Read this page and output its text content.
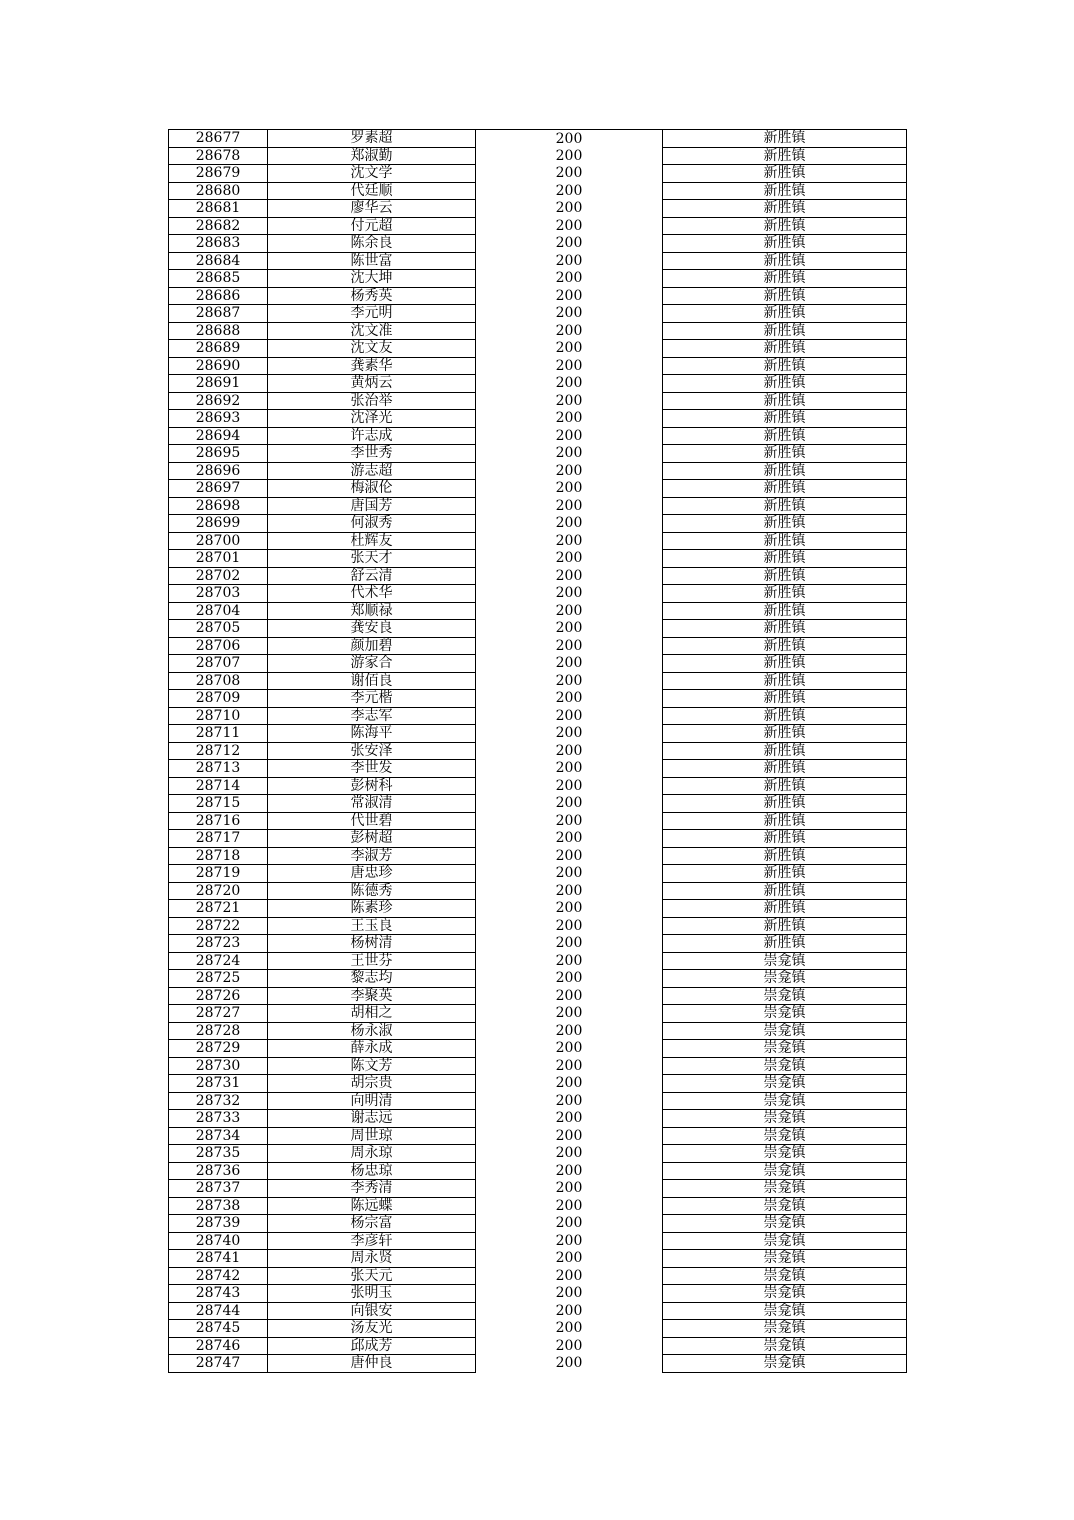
28677	罗素超	200	新胜镇
28678	郑淑勤	200	新胜镇
28679	沈文学	200	新胜镇
28680	代廷顺	200	新胜镇
28681	廖华云	200	新胜镇
28682	付元超	200	新胜镇
28683	陈余良	200	新胜镇
28684	陈世富	200	新胜镇
28685	沈大坤	200	新胜镇
28686	杨秀英	200	新胜镇
28687	李元明	200	新胜镇
28688	沈文准	200	新胜镇
28689	沈文友	200	新胜镇
28690	龚素华	200	新胜镇
28691	黄炳云	200	新胜镇
28692	张治举	200	新胜镇
28693	沈泽光	200	新胜镇
28694	许志成	200	新胜镇
28695	李世秀	200	新胜镇
28696	游志超	200	新胜镇
28697	梅淑伦	200	新胜镇
28698	唐国芳	200	新胜镇
28699	何淑秀	200	新胜镇
28700	杜辉友	200	新胜镇
28701	张天才	200	新胜镇
28702	舒云清	200	新胜镇
28703	代术华	200	新胜镇
28704	郑顺禄	200	新胜镇
28705	龚安良	200	新胜镇
28706	颜加碧	200	新胜镇
28707	游家合	200	新胜镇
28708	谢佰良	200	新胜镇
28709	李元楷	200	新胜镇
28710	李志军	200	新胜镇
28711	陈海平	200	新胜镇
28712	张安泽	200	新胜镇
28713	李世发	200	新胜镇
28714	彭树科	200	新胜镇
28715	常淑清	200	新胜镇
28716	代世碧	200	新胜镇
28717	彭树超	200	新胜镇
28718	李淑芳	200	新胜镇
28719	唐忠珍	200	新胜镇
28720	陈德秀	200	新胜镇
28721	陈素珍	200	新胜镇
28722	王玉良	200	新胜镇
28723	杨树清	200	新胜镇
28724	王世芬	200	崇龛镇
28725	黎志均	200	崇龛镇
28726	李聚英	200	崇龛镇
28727	胡相之	200	崇龛镇
28728	杨永淑	200	崇龛镇
28729	薛永成	200	崇龛镇
28730	陈文芳	200	崇龛镇
28731	胡宗贵	200	崇龛镇
28732	向明清	200	崇龛镇
28733	谢志远	200	崇龛镇
28734	周世琼	200	崇龛镇
28735	周永琼	200	崇龛镇
28736	杨忠琼	200	崇龛镇
28737	李秀清	200	崇龛镇
28738	陈远蝶	200	崇龛镇
28739	杨宗富	200	崇龛镇
28740	李彦轩	200	崇龛镇
28741	周永贤	200	崇龛镇
28742	张天元	200	崇龛镇
28743	张明玉	200	崇龛镇
28744	向银安	200	崇龛镇
28745	汤友光	200	崇龛镇
28746	邱成芳	200	崇龛镇
28747	唐仲良	200	崇龛镇
